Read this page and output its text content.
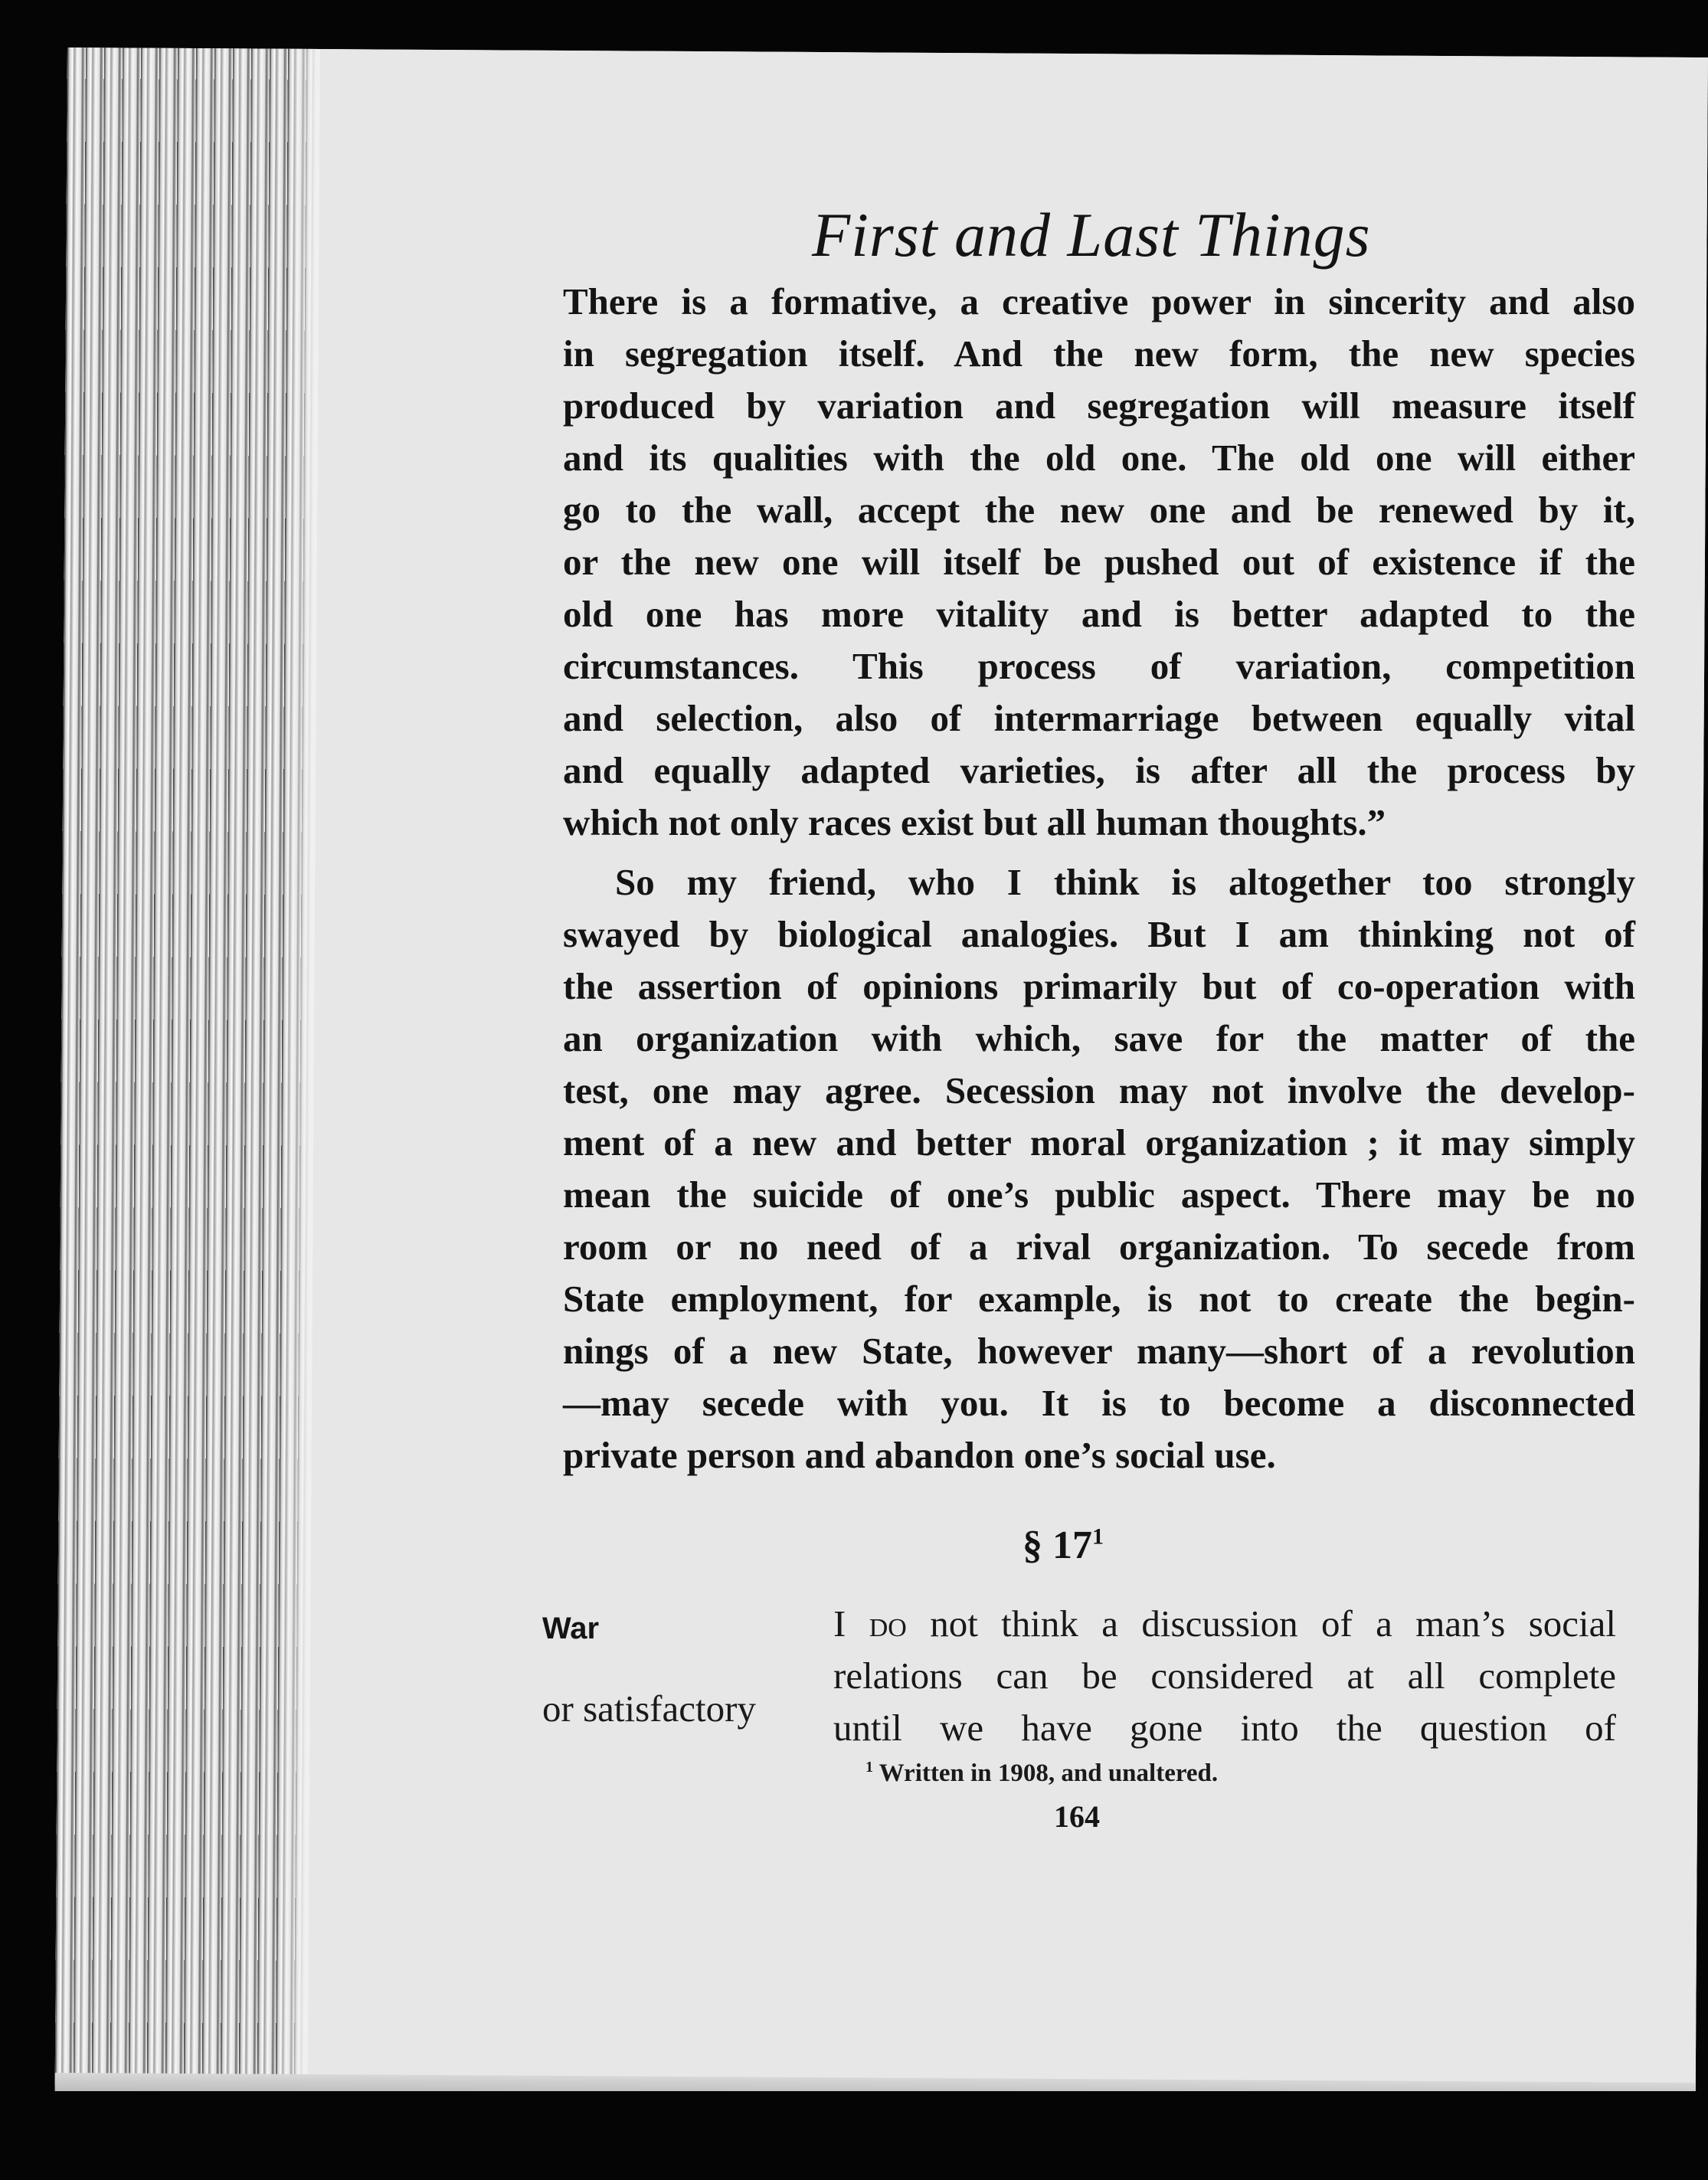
First and Last Things
There is a formative, a creative power in sincerity and also
in segregation itself. And the new form, the new species
produced by variation and segregation will measure itself
and its qualities with the old one. The old one will either
go to the wall, accept the new one and be renewed by it,
or the new one will itself be pushed out of existence if the
old one has more vitality and is better adapted to the
circumstances. This process of variation, competition
and selection, also of intermarriage between equally vital
and equally adapted varieties, is after all the process by
which not only races exist but all human thoughts.”
So my friend, who I think is altogether too strongly
swayed by biological analogies. But I am thinking not of
the assertion of opinions primarily but of co-operation with
an organization with which, save for the matter of the
test, one may agree. Secession may not involve the develop-
ment of a new and better moral organization ; it may simply
mean the suicide of one’s public aspect. There may be no
room or no need of a rival organization. To secede from
State employment, for example, is not to create the begin-
nings of a new State, however many—short of a revolution
—may secede with you. It is to become a disconnected
private person and abandon one’s social use.
§ $17^1$
War
or satisfactory
I do not think a discussion of a man’s social
relations can be considered at all complete
until we have gone into the question of
$^1$ Written in 1908, and unaltered.
164
